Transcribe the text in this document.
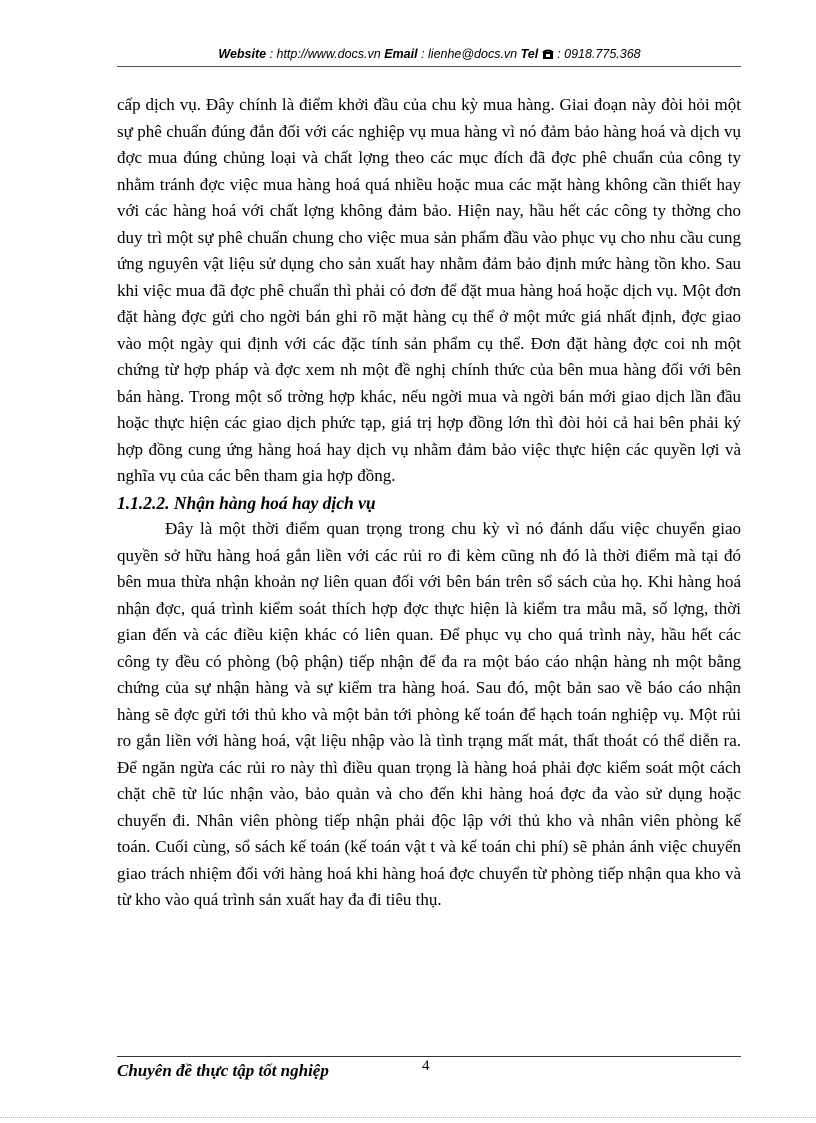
Website : http://www.docs.vn Email : lienhe@docs.vn Tel : 0918.775.368

cấp dịch vụ. Đây chính là điểm khởi đầu của chu kỳ mua hàng. Giai đoạn này đòi hỏi một sự phê chuẩn đúng đắn đối với các nghiệp vụ mua hàng vì nó đảm bảo hàng hoá và dịch vụ đợc mua đúng chủng loại và chất lợng theo các mục đích đã đợc phê chuẩn của công ty nhằm tránh đợc việc mua hàng hoá quá nhiều hoặc mua các mặt hàng không cần thiết hay với các hàng hoá với chất lợng không đảm bảo. Hiện nay, hầu hết các công ty thờng cho duy trì một sự phê chuẩn chung cho việc mua sản phẩm đầu vào phục vụ cho nhu cầu cung ứng nguyên vật liệu sử dụng cho sản xuất hay nhằm đảm bảo định mức hàng tồn kho. Sau khi việc mua đã đợc phê chuẩn thì phải có đơn để đặt mua hàng hoá hoặc dịch vụ. Một đơn đặt hàng đợc gửi cho ngời bán ghi rõ mặt hàng cụ thể ở một mức giá nhất định, đợc giao vào một ngày qui định với các đặc tính sản phẩm cụ thể. Đơn đặt hàng đợc coi nh một chứng từ hợp pháp và đợc xem nh một đề nghị chính thức của bên mua hàng đối với bên bán hàng. Trong một số trờng hợp khác, nếu ngời mua và ngời bán mới giao dịch lần đầu hoặc thực hiện các giao dịch phức tạp, giá trị hợp đồng lớn thì đòi hỏi cả hai bên phải ký hợp đồng cung ứng hàng hoá hay dịch vụ nhằm đảm bảo việc thực hiện các quyền lợi và nghĩa vụ của các bên tham gia hợp đồng.

1.1.2.2. Nhận hàng hoá hay dịch vụ

Đây là một thời điểm quan trọng trong chu kỳ vì nó đánh dấu việc chuyển giao quyền sở hữu hàng hoá gắn liền với các rủi ro đi kèm cũng nh đó là thời điểm mà tại đó bên mua thừa nhận khoản nợ liên quan đối với bên bán trên sổ sách của họ. Khi hàng hoá nhận đợc, quá trình kiểm soát thích hợp đợc thực hiện là kiểm tra mẫu mã, số lợng, thời gian đến và các điều kiện khác có liên quan. Để phục vụ cho quá trình này, hầu hết các công ty đều có phòng (bộ phận) tiếp nhận để đa ra một báo cáo nhận hàng nh một bằng chứng của sự nhận hàng và sự kiểm tra hàng hoá. Sau đó, một bản sao về báo cáo nhận hàng sẽ đợc gửi tới thủ kho và một bản tới phòng kế toán để hạch toán nghiệp vụ. Một rủi ro gắn liền với hàng hoá, vật liệu nhập vào là tình trạng mất mát, thất thoát có thể diễn ra. Để ngăn ngừa các rủi ro này thì điều quan trọng là hàng hoá phải đợc kiểm soát một cách chặt chẽ từ lúc nhận vào, bảo quản và cho đến khi hàng hoá đợc đa vào sử dụng hoặc chuyển đi. Nhân viên phòng tiếp nhận phải độc lập với thủ kho và nhân viên phòng kế toán. Cuối cùng, sổ sách kế toán (kế toán vật t và kế toán chi phí) sẽ phản ánh việc chuyển giao trách nhiệm đối với hàng hoá khi hàng hoá đợc chuyển từ phòng tiếp nhận qua kho và từ kho vào quá trình sản xuất hay đa đi tiêu thụ.

Chuyên đề thực tập tốt nghiệp	4
